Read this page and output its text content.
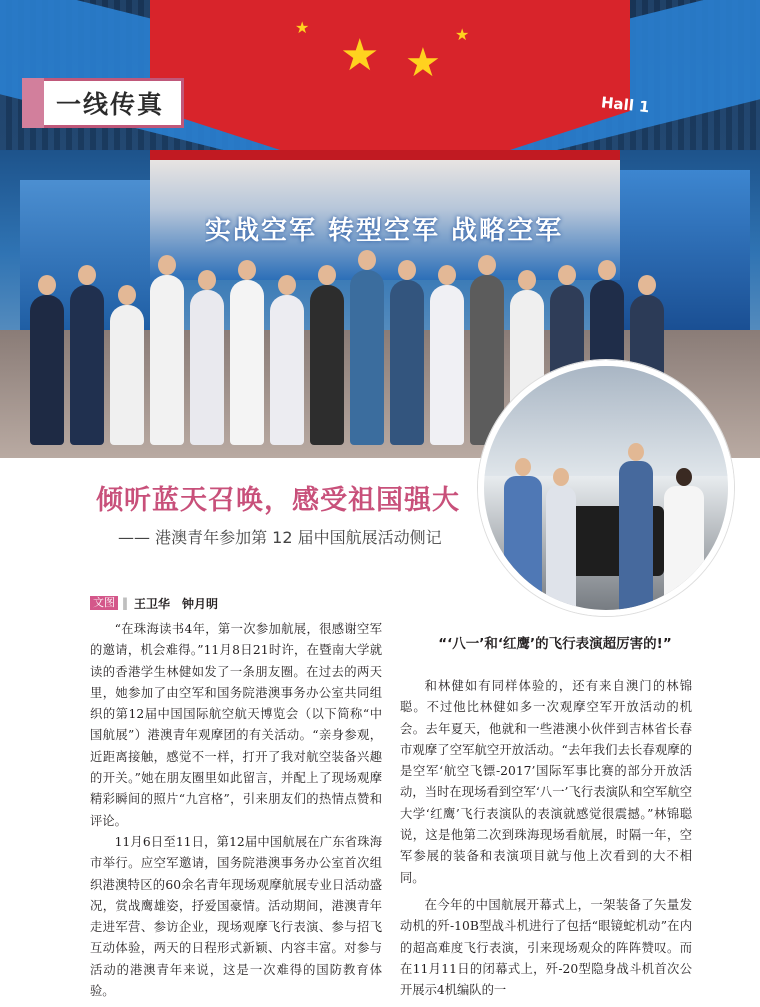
★ ★
★	★
Hall 1
实战空军 转型空军 战略空军
一线传真
倾听蓝天召唤，感受祖国强大
—— 港澳青年参加第 12 届中国航展活动侧记
文图 ‖ 王卫华　钟月明

“在珠海读书4年，第一次参加航展，很感谢空军的邀请，机会难得。”11月8日21时许，在暨南大学就读的香港学生林健如发了一条朋友圈。在过去的两天里，她参加了由空军和国务院港澳事务办公室共同组织的第12届中国国际航空航天博览会（以下简称“中国航展”）港澳青年观摩团的有关活动。“亲身参观，近距离接触，感觉不一样，打开了我对航空装备兴趣的开关。”她在朋友圈里如此留言，并配上了现场观摩精彩瞬间的照片“九宫格”，引来朋友们的热情点赞和评论。

11月6日至11日，第12届中国航展在广东省珠海市举行。应空军邀请，国务院港澳事务办公室首次组织港澳特区的60余名青年现场观摩航展专业日活动盛况，赏战鹰雄姿，抒爱国豪情。活动期间，港澳青年走进军营、参访企业，现场观摩飞行表演、参与招飞互动体验，两天的日程形式新颖、内容丰富。对参与活动的港澳青年来说，这是一次难得的国防教育体验。

“‘八一’和‘红鹰’的飞行表演超厉害的!”

和林健如有同样体验的，还有来自澳门的林锦聪。不过他比林健如多一次观摩空军开放活动的机会。去年夏天，他就和一些港澳小伙伴到吉林省长春市观摩了空军航空开放活动。“去年我们去长春观摩的是空军‘航空飞镖-2017’国际军事比赛的部分开放活动，当时在现场看到空军‘八一’飞行表演队和空军航空大学‘红鹰’飞行表演队的表演就感觉很震撼。”林锦聪说，这是他第二次到珠海现场看航展，时隔一年，空军参展的装备和表演项目就与他上次看到的大不相同。

在今年的中国航展开幕式上，一架装备了矢量发动机的歼-10B型战斗机进行了包括“眼镜蛇机动”在内的超高难度飞行表演，引来现场观众的阵阵赞叹。而在11月11日的闭幕式上，歼-20型隐身战斗机首次公开展示4机编队的一
